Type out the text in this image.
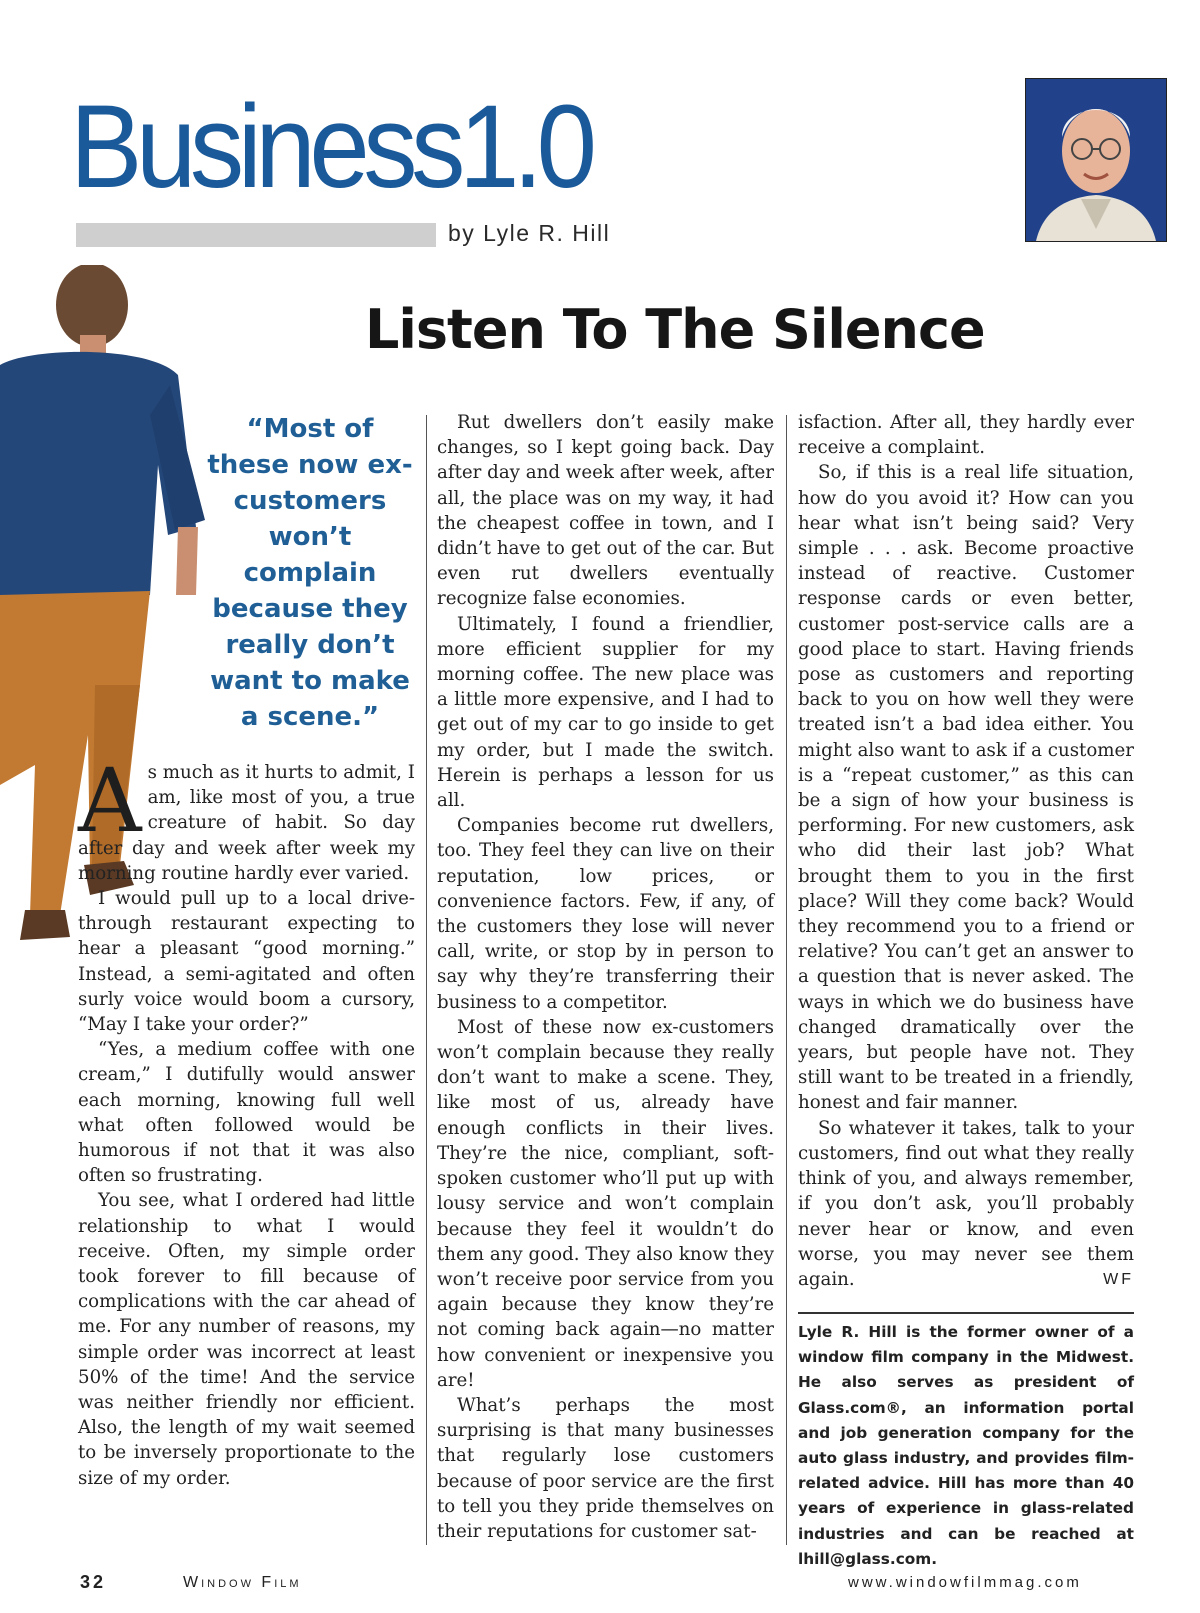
Business1.0
by Lyle R. Hill
Listen To The Silence
“Most of these now ex-customers won’t complain because they really don’t want to make a scene.”

As much as it hurts to admit, I am, like most of you, a true creature of habit. So day after day and week after week my morning routine hardly ever varied.

I would pull up to a local drive-through restaurant expecting to hear a pleasant “good morning.” Instead, a semi-agitated and often surly voice would boom a cursory, “May I take your order?”

“Yes, a medium coffee with one cream,” I dutifully would answer each morning, knowing full well what often followed would be humorous if not that it was also often so frustrating.

You see, what I ordered had little relationship to what I would receive. Often, my simple order took forever to fill because of complications with the car ahead of me. For any number of reasons, my simple order was incorrect at least 50% of the time! And the service was neither friendly nor efficient. Also, the length of my wait seemed to be inversely proportionate to the size of my order.

Rut dwellers don’t easily make changes, so I kept going back. Day after day and week after week, after all, the place was on my way, it had the cheapest coffee in town, and I didn’t have to get out of the car. But even rut dwellers eventually recognize false economies.

Ultimately, I found a friendlier, more efficient supplier for my morning coffee. The new place was a little more expensive, and I had to get out of my car to go inside to get my order, but I made the switch. Herein is perhaps a lesson for us all.

Companies become rut dwellers, too. They feel they can live on their reputation, low prices, or convenience factors. Few, if any, of the customers they lose will never call, write, or stop by in person to say why they’re transferring their business to a competitor.

Most of these now ex-customers won’t complain because they really don’t want to make a scene. They, like most of us, already have enough conflicts in their lives. They’re the nice, compliant, soft-spoken customer who’ll put up with lousy service and won’t complain because they feel it wouldn’t do them any good. They also know they won’t receive poor service from you again because they know they’re not coming back again—no matter how convenient or inexpensive you are!

What’s perhaps the most surprising is that many businesses that regularly lose customers because of poor service are the first to tell you they pride themselves on their reputations for customer sat-

isfaction. After all, they hardly ever receive a complaint.

So, if this is a real life situation, how do you avoid it? How can you hear what isn’t being said? Very simple . . . ask. Become proactive instead of reactive. Customer response cards or even better, customer post-service calls are a good place to start. Having friends pose as customers and reporting back to you on how well they were treated isn’t a bad idea either. You might also want to ask if a customer is a “repeat customer,” as this can be a sign of how your business is performing. For new customers, ask who did their last job? What brought them to you in the first place? Will they come back? Would they recommend you to a friend or relative? You can’t get an answer to a question that is never asked. The ways in which we do business have changed dramatically over the years, but people have not. They still want to be treated in a friendly, honest and fair manner.

So whatever it takes, talk to your customers, find out what they really think of you, and always remember, if you don’t ask, you’ll probably never hear or know, and even worse, you may never see them again.	WF

Lyle R. Hill is the former owner of a window film company in the Midwest. He also serves as president of Glass.com®, an information portal and job generation company for the auto glass industry, and provides film-related advice. Hill has more than 40 years of experience in glass-related industries and can be reached at lhill@glass.com.
32	Window Film	www.windowfilmmag.com
